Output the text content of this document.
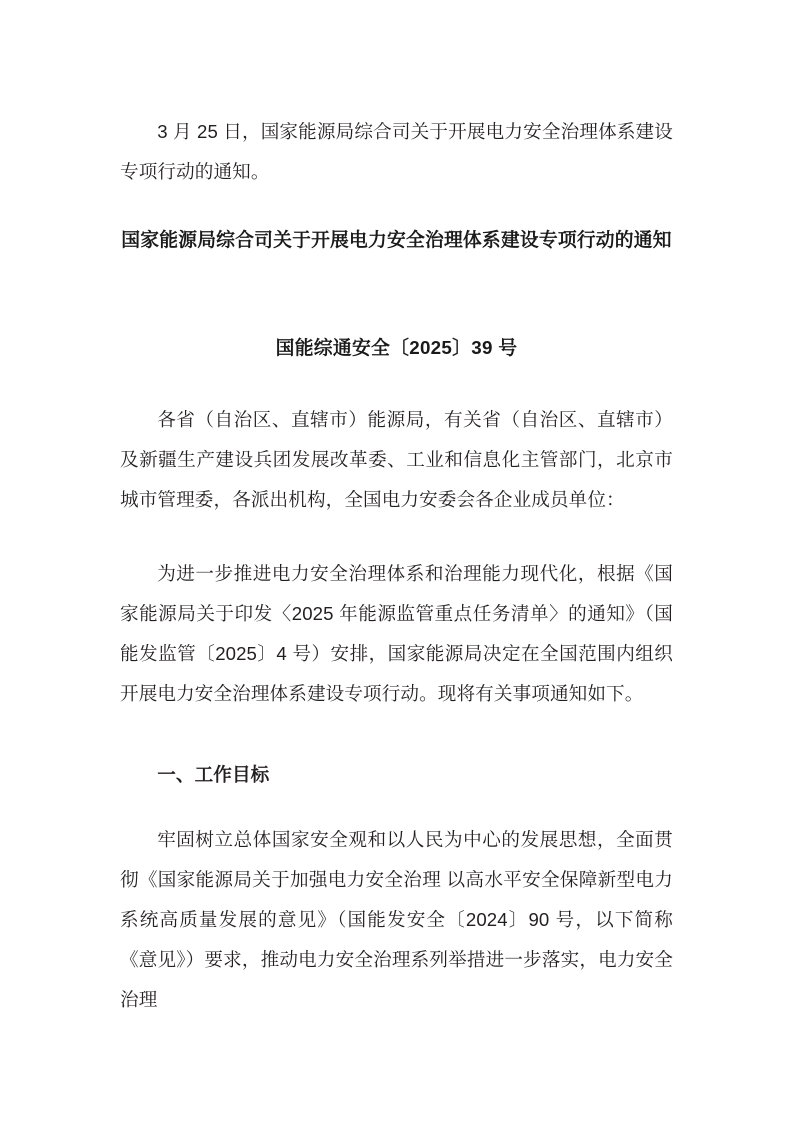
3 月 25 日，国家能源局综合司关于开展电力安全治理体系建设专项行动的通知。

国家能源局综合司关于开展电力安全治理体系建设专项行动的通知

国能综通安全〔2025〕39 号

各省（自治区、直辖市）能源局，有关省（自治区、直辖市）及新疆生产建设兵团发展改革委、工业和信息化主管部门，北京市城市管理委，各派出机构，全国电力安委会各企业成员单位：

为进一步推进电力安全治理体系和治理能力现代化，根据《国家能源局关于印发〈2025 年能源监管重点任务清单〉的通知》（国能发监管〔2025〕4 号）安排，国家能源局决定在全国范围内组织开展电力安全治理体系建设专项行动。现将有关事项通知如下。

一、工作目标

牢固树立总体国家安全观和以人民为中心的发展思想，全面贯彻《国家能源局关于加强电力安全治理 以高水平安全保障新型电力系统高质量发展的意见》（国能发安全〔2024〕90 号，以下简称《意见》）要求，推动电力安全治理系列举措进一步落实，电力安全治理
